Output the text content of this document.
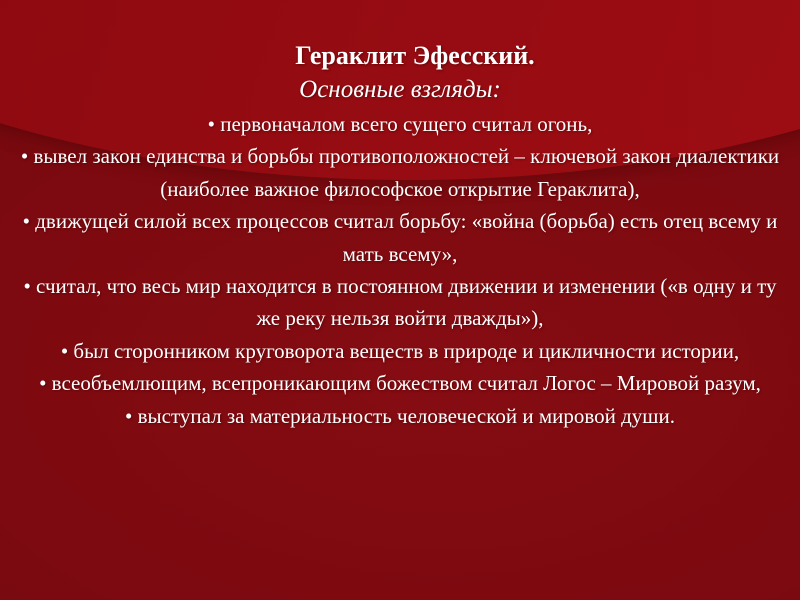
Гераклит Эфесский.
Основные взгляды:
• первоначалом всего сущего считал огонь,
• вывел закон единства и борьбы противоположностей – ключевой закон диалектики (наиболее важное философское открытие Гераклита),
• движущей силой всех процессов считал борьбу: «война (борьба) есть отец всему и мать всему»,
• считал, что весь мир находится в постоянном движении и изменении («в одну и ту же реку нельзя войти дважды»),
• был сторонником круговорота веществ в природе и цикличности истории,
• всеобъемлющим, всепроникающим божеством считал Логос – Мировой разум,
• выступал за материальность человеческой и мировой души.
